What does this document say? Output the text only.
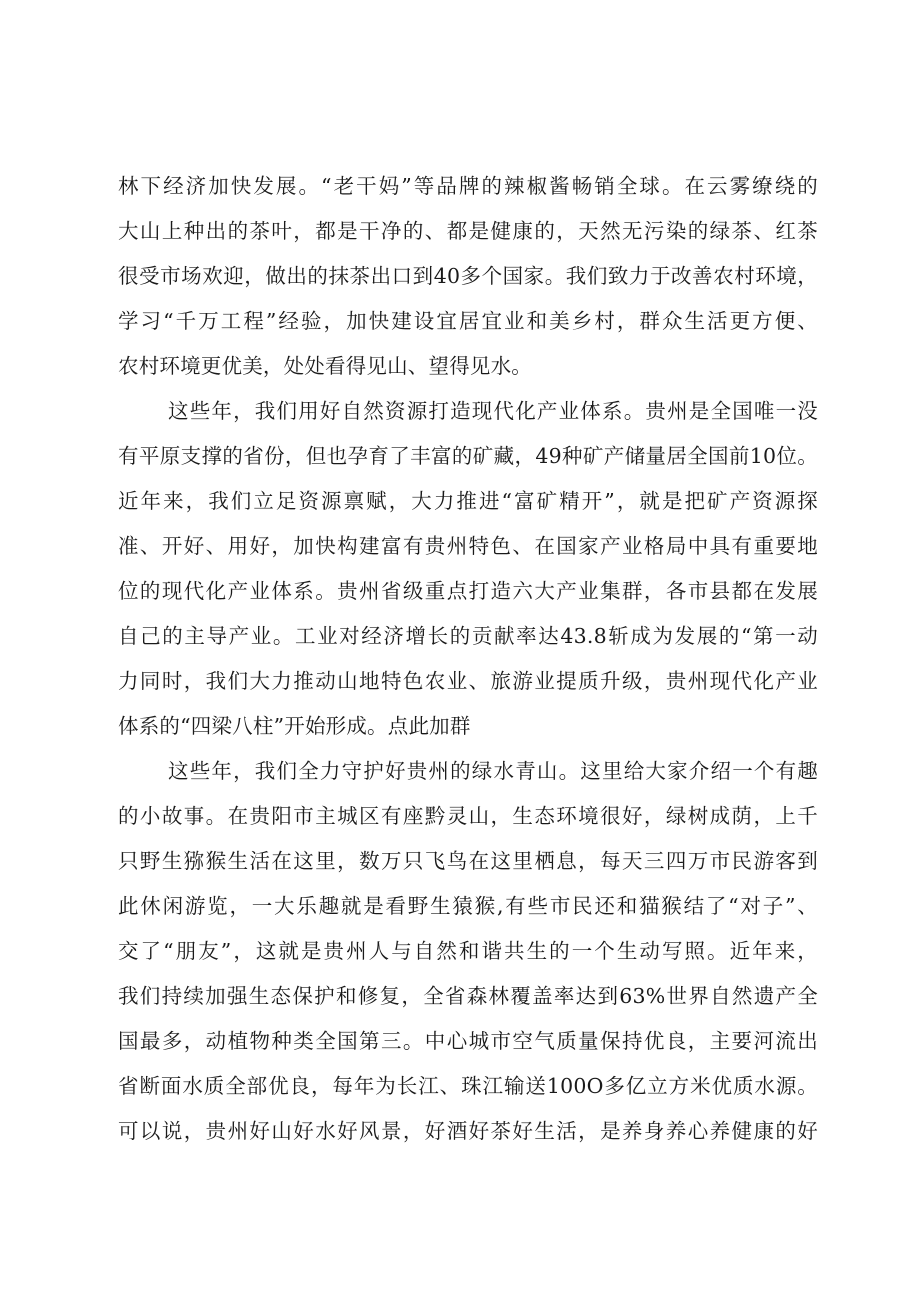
林下经济加快发展。“老干妈”等品牌的辣椒酱畅销全球。在云雾缭绕的
大山上种出的茶叶，都是干净的、都是健康的，天然无污染的绿茶、红茶
很受市场欢迎，做出的抹茶出口到40多个国家。我们致力于改善农村环境，
学习“千万工程”经验，加快建设宜居宜业和美乡村，群众生活更方便、
农村环境更优美，处处看得见山、望得见水。
这些年，我们用好自然资源打造现代化产业体系。贵州是全国唯一没
有平原支撑的省份，但也孕育了丰富的矿藏，49种矿产储量居全国前10位。
近年来，我们立足资源禀赋，大力推进“富矿精开”，就是把矿产资源探
准、开好、用好，加快构建富有贵州特色、在国家产业格局中具有重要地
位的现代化产业体系。贵州省级重点打造六大产业集群，各市县都在发展
自己的主导产业。工业对经济增长的贡献率达43.8斩成为发展的“第一动
力同时，我们大力推动山地特色农业、旅游业提质升级，贵州现代化产业
体系的“四梁八柱”开始形成。点此加群
这些年，我们全力守护好贵州的绿水青山。这里给大家介绍一个有趣
的小故事。在贵阳市主城区有座黔灵山，生态环境很好，绿树成荫，上千
只野生猕猴生活在这里，数万只飞鸟在这里栖息，每天三四万市民游客到
此休闲游览，一大乐趣就是看野生猿猴,有些市民还和猫猴结了“对子”、
交了“朋友”，这就是贵州人与自然和谐共生的一个生动写照。近年来，
我们持续加强生态保护和修复，全省森林覆盖率达到63%世界自然遗产全
国最多，动植物种类全国第三。中心城市空气质量保持优良，主要河流出
省断面水质全部优良，每年为长江、珠江输送100O多亿立方米优质水源。
可以说，贵州好山好水好风景，好酒好茶好生活，是养身养心养健康的好
